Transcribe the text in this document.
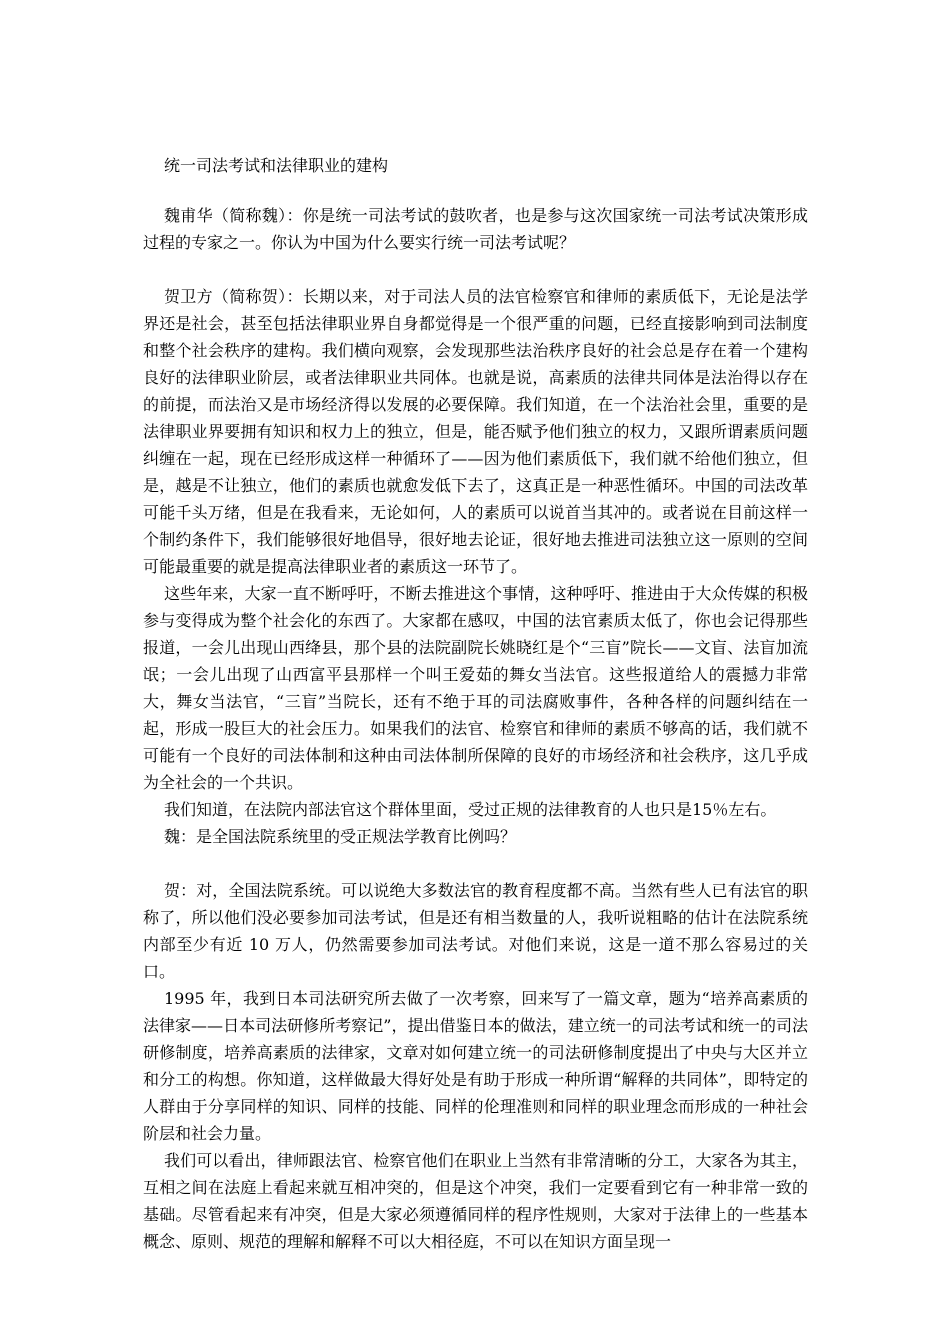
统一司法考试和法律职业的建构

魏甫华（简称魏）：你是统一司法考试的鼓吹者，也是参与这次国家统一司法考试决策形成过程的专家之一。你认为中国为什么要实行统一司法考试呢？

贺卫方（简称贺）：长期以来，对于司法人员的法官检察官和律师的素质低下，无论是法学界还是社会，甚至包括法律职业界自身都觉得是一个很严重的问题，已经直接影响到司法制度和整个社会秩序的建构。我们横向观察，会发现那些法治秩序良好的社会总是存在着一个建构良好的法律职业阶层，或者法律职业共同体。也就是说，高素质的法律共同体是法治得以存在的前提，而法治又是市场经济得以发展的必要保障。我们知道，在一个法治社会里，重要的是法律职业界要拥有知识和权力上的独立，但是，能否赋予他们独立的权力，又跟所谓素质问题纠缠在一起，现在已经形成这样一种循环了——因为他们素质低下，我们就不给他们独立，但是，越是不让独立，他们的素质也就愈发低下去了，这真正是一种恶性循环。中国的司法改革可能千头万绪，但是在我看来，无论如何，人的素质可以说首当其冲的。或者说在目前这样一个制约条件下，我们能够很好地倡导，很好地去论证，很好地去推进司法独立这一原则的空间可能最重要的就是提高法律职业者的素质这一环节了。

这些年来，大家一直不断呼吁，不断去推进这个事情，这种呼吁、推进由于大众传媒的积极参与变得成为整个社会化的东西了。大家都在感叹，中国的法官素质太低了，你也会记得那些报道，一会儿出现山西绛县，那个县的法院副院长姚晓红是个“三盲”院长——文盲、法盲加流氓；一会儿出现了山西富平县那样一个叫王爱茹的舞女当法官。这些报道给人的震撼力非常大，舞女当法官，“三盲”当院长，还有不绝于耳的司法腐败事件，各种各样的问题纠结在一起，形成一股巨大的社会压力。如果我们的法官、检察官和律师的素质不够高的话，我们就不可能有一个良好的司法体制和这种由司法体制所保障的良好的市场经济和社会秩序，这几乎成为全社会的一个共识。

我们知道，在法院内部法官这个群体里面，受过正规的法律教育的人也只是15％左右。

魏：是全国法院系统里的受正规法学教育比例吗？

贺：对，全国法院系统。可以说绝大多数法官的教育程度都不高。当然有些人已有法官的职称了，所以他们没必要参加司法考试，但是还有相当数量的人，我听说粗略的估计在法院系统内部至少有近 10 万人，仍然需要参加司法考试。对他们来说，这是一道不那么容易过的关口。

1995 年，我到日本司法研究所去做了一次考察，回来写了一篇文章，题为“培养高素质的法律家——日本司法研修所考察记”，提出借鉴日本的做法，建立统一的司法考试和统一的司法研修制度，培养高素质的法律家，文章对如何建立统一的司法研修制度提出了中央与大区并立和分工的构想。你知道，这样做最大得好处是有助于形成一种所谓“解释的共同体”，即特定的人群由于分享同样的知识、同样的技能、同样的伦理准则和同样的职业理念而形成的一种社会阶层和社会力量。

我们可以看出，律师跟法官、检察官他们在职业上当然有非常清晰的分工，大家各为其主，互相之间在法庭上看起来就互相冲突的，但是这个冲突，我们一定要看到它有一种非常一致的基础。尽管看起来有冲突，但是大家必须遵循同样的程序性规则，大家对于法律上的一些基本概念、原则、规范的理解和解释不可以大相径庭，不可以在知识方面呈现一
